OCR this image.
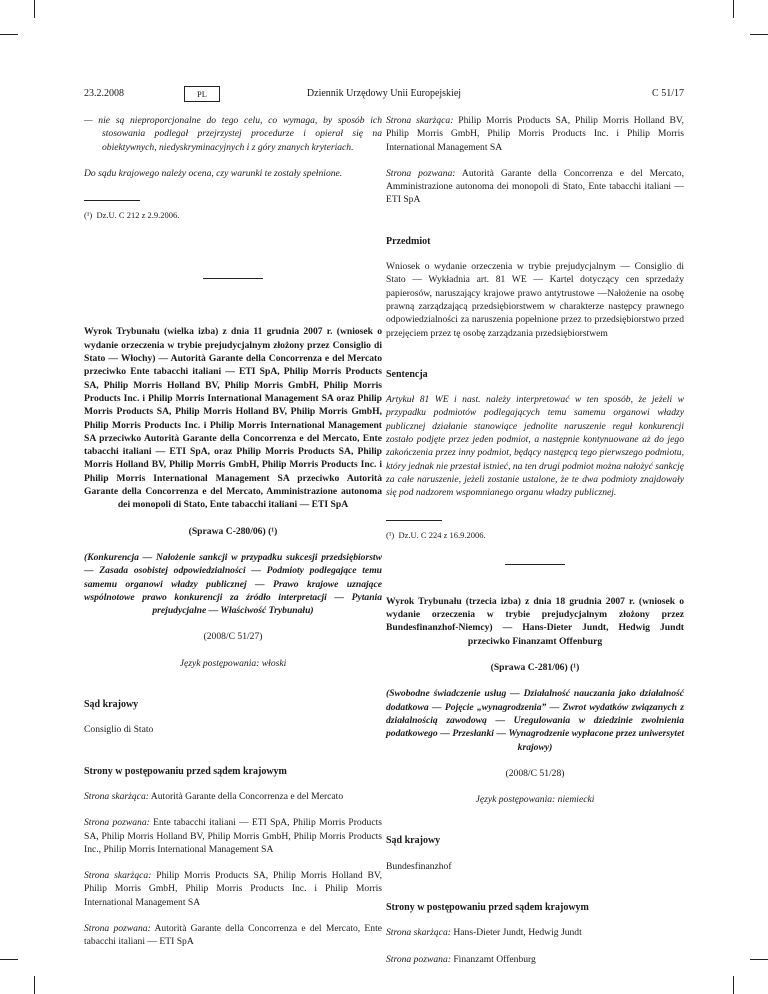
23.2.2008	PL	Dziennik Urzędowy Unii Europejskiej	C 51/17

— nie są nieproporcjonalne do tego celu, co wymaga, by sposób ich stosowania podlegał przejrzystej procedurze i opierał się na obiektywnych, niedyskryminacyjnych i z góry znanych kryteriach.

Do sądu krajowego należy ocena, czy warunki te zostały spełnione.

(¹) Dz.U. C 212 z 2.9.2006.

Wyrok Trybunału (wielka izba) z dnia 11 grudnia 2007 r. (wniosek o wydanie orzeczenia w trybie prejudycjalnym złożony przez Consiglio di Stato — Włochy) — Autorità Garante della Concorrenza e del Mercato przeciwko Ente tabacchi italiani — ETI SpA, Philip Morris Products SA, Philip Morris Holland BV, Philip Morris GmbH, Philip Morris Products Inc. i Philip Morris International Management SA oraz Philip Morris Products SA, Philip Morris Holland BV, Philip Morris GmbH, Philip Morris Products Inc. i Philip Morris International Management SA przeciwko Autorità Garante della Concorrenza e del Mercato, Ente tabacchi italiani — ETI SpA, oraz Philip Morris Products SA, Philip Morris Holland BV, Philip Morris GmbH, Philip Morris Products Inc. i Philip Morris International Management SA przeciwko Autorità Garante della Concorrenza e del Mercato, Amministrazione autonoma dei monopoli di Stato, Ente tabacchi italiani — ETI SpA

(Sprawa C-280/06) (¹)

(Konkurencja — Nałożenie sankcji w przypadku sukcesji przedsiębiorstw — Zasada osobistej odpowiedzialności — Podmioty podlegające temu samemu organowi władzy publicznej — Prawo krajowe uznające wspólnotowe prawo konkurencji za źródło interpretacji — Pytania prejudycjalne — Właściwość Trybunału)

(2008/C 51/27)

Język postępowania: włoski

Sąd krajowy

Consiglio di Stato

Strony w postępowaniu przed sądem krajowym

Strona skarżąca: Autorità Garante della Concorrenza e del Mercato

Strona pozwana: Ente tabacchi italiani — ETI SpA, Philip Morris Products SA, Philip Morris Holland BV, Philip Morris GmbH, Philip Morris Products Inc., Philip Morris International Management SA

Strona skarżąca: Philip Morris Products SA, Philip Morris Holland BV, Philip Morris GmbH, Philip Morris Products Inc. i Philip Morris International Management SA

Strona pozwana: Autorità Garante della Concorrenza e del Mercato, Ente tabacchi italiani — ETI SpA

Strona skarżąca: Philip Morris Products SA, Philip Morris Holland BV, Philip Morris GmbH, Philip Morris Products Inc. i Philip Morris International Management SA

Strona pozwana: Autorità Garante della Concorrenza e del Mercato, Amministrazione autonoma dei monopoli di Stato, Ente tabacchi italiani — ETI SpA

Przedmiot

Wniosek o wydanie orzeczenia w trybie prejudycjalnym — Consiglio di Stato — Wykładnia art. 81 WE — Kartel dotyczący cen sprzedaży papierosów, naruszający krajowe prawo antytrustowe —Nałożenie na osobę prawną zarządzającą przedsiębiorstwem w charakterze następcy prawnego odpowiedzialności za naruszenia popełnione przez to przedsiębiorstwo przed przejęciem przez tę osobę zarządzania przedsiębiorstwem

Sentencja

Artykuł 81 WE i nast. należy interpretować w ten sposób, że jeżeli w przypadku podmiotów podlegających temu samemu organowi władzy publicznej działanie stanowiące jednolite naruszenie reguł konkurencji zostało podjęte przez jeden podmiot, a następnie kontynuowane aż do jego zakończenia przez inny podmiot, będący następcą tego pierwszego podmiotu, który jednak nie przestał istnieć, na ten drugi podmiot można nałożyć sankcję za całe naruszenie, jeżeli zostanie ustalone, że te dwa podmioty znajdowały się pod nadzorem wspomnianego organu władzy publicznej.

(¹) Dz.U. C 224 z 16.9.2006.

Wyrok Trybunału (trzecia izba) z dnia 18 grudnia 2007 r. (wniosek o wydanie orzeczenia w trybie prejudycjalnym złożony przez Bundesfinanzhof-Niemcy) — Hans-Dieter Jundt, Hedwig Jundt przeciwko Finanzamt Offenburg

(Sprawa C-281/06) (¹)

(Swobodne świadczenie usług — Działalność nauczania jako działalność dodatkowa — Pojęcie „wynagrodzenia” — Zwrot wydatków związanych z działalnością zawodową — Uregulowania w dziedzinie zwolnienia podatkowego — Przesłanki — Wynagrodzenie wypłacone przez uniwersytet krajowy)

(2008/C 51/28)

Język postępowania: niemiecki

Sąd krajowy

Bundesfinanzhof

Strony w postępowaniu przed sądem krajowym

Strona skarżąca: Hans-Dieter Jundt, Hedwig Jundt

Strona pozwana: Finanzamt Offenburg
